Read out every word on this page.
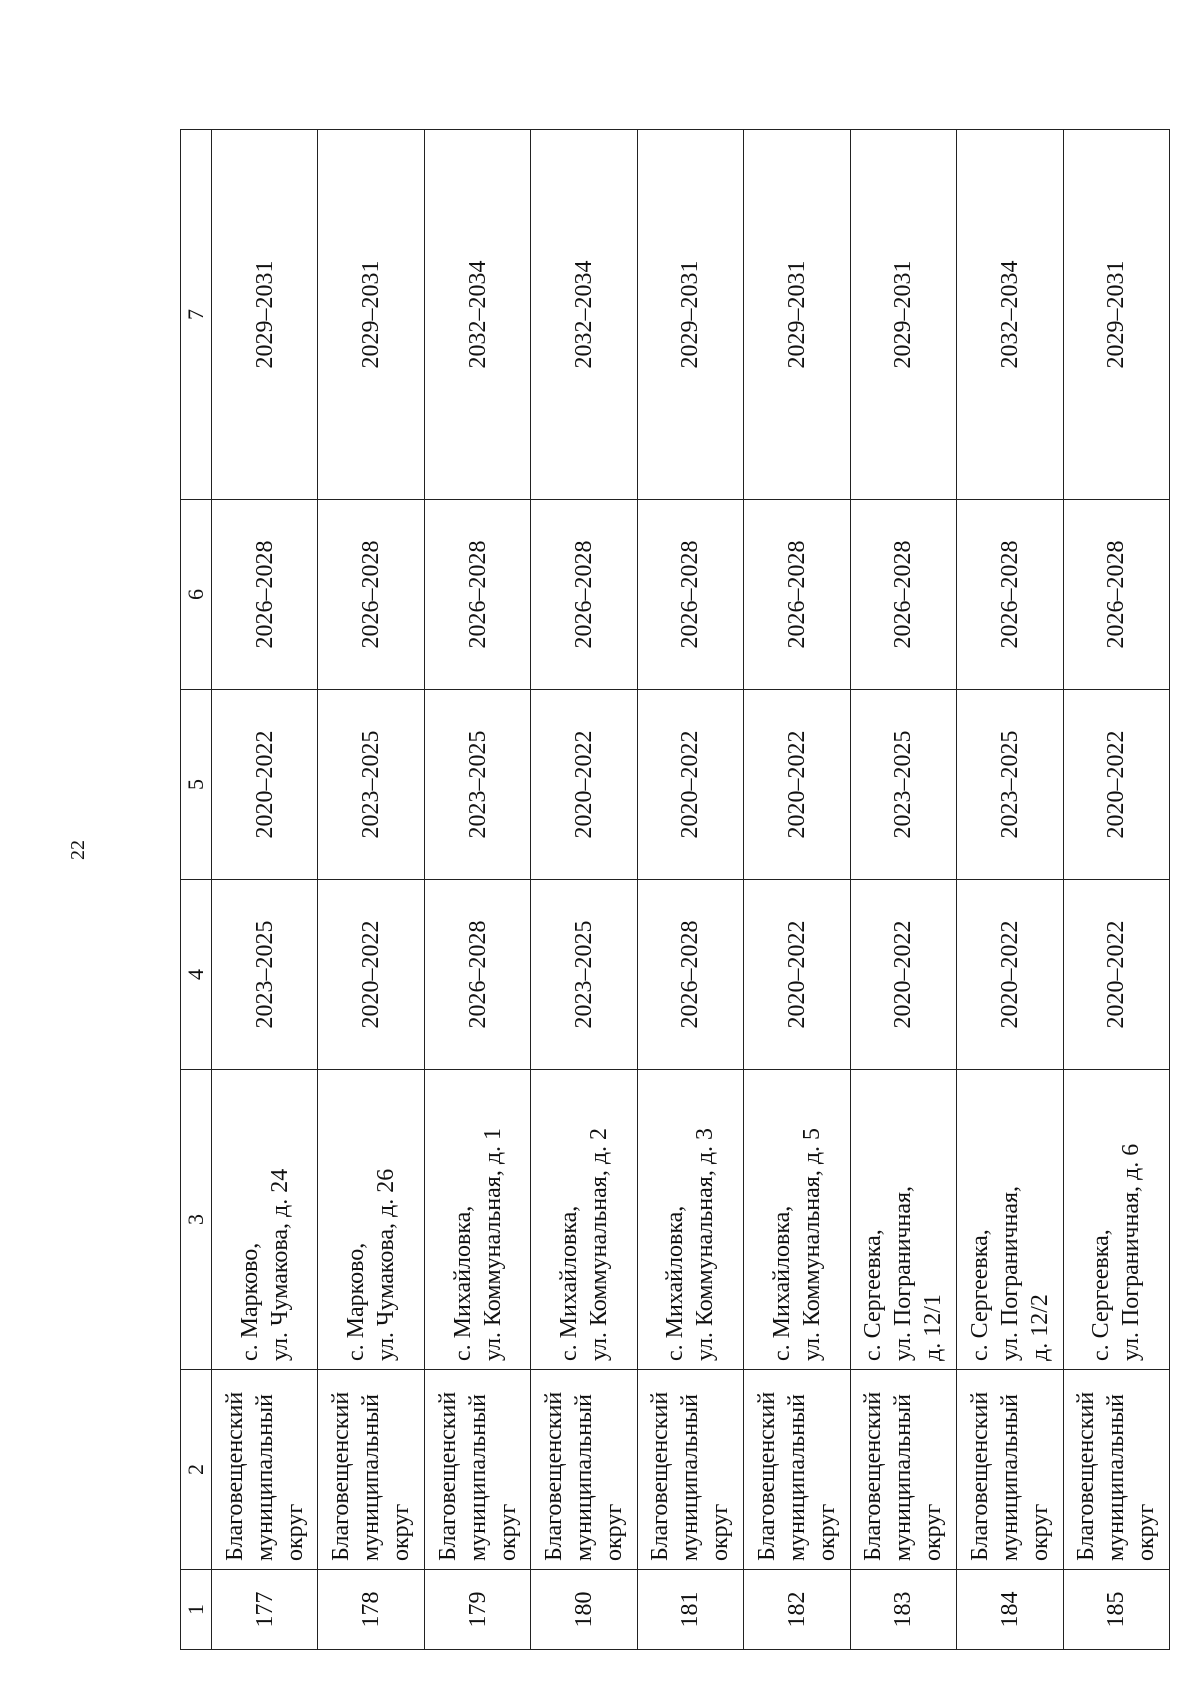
22
1	2	3	4	5	6	7
177	Благовещенский муниципальный округ	с. Марково, ул. Чумакова, д. 24	2023–2025	2020–2022	2026–2028	2029–2031
178	Благовещенский муниципальный округ	с. Марково, ул. Чумакова, д. 26	2020–2022	2023–2025	2026–2028	2029–2031
179	Благовещенский муниципальный округ	с. Михайловка, ул. Коммунальная, д. 1	2026–2028	2023–2025	2026–2028	2032–2034
180	Благовещенский муниципальный округ	с. Михайловка, ул. Коммунальная, д. 2	2023–2025	2020–2022	2026–2028	2032–2034
181	Благовещенский муниципальный округ	с. Михайловка, ул. Коммунальная, д. 3	2026–2028	2020–2022	2026–2028	2029–2031
182	Благовещенский муниципальный округ	с. Михайловка, ул. Коммунальная, д. 5	2020–2022	2020–2022	2026–2028	2029–2031
183	Благовещенский муниципальный округ	с. Сергеевка, ул. Пограничная, д. 12/1	2020–2022	2023–2025	2026–2028	2029–2031
184	Благовещенский муниципальный округ	с. Сергеевка, ул. Пограничная, д. 12/2	2020–2022	2023–2025	2026–2028	2032–2034
185	Благовещенский муниципальный округ	с. Сергеевка, ул. Пограничная, д. 6	2020–2022	2020–2022	2026–2028	2029–2031
